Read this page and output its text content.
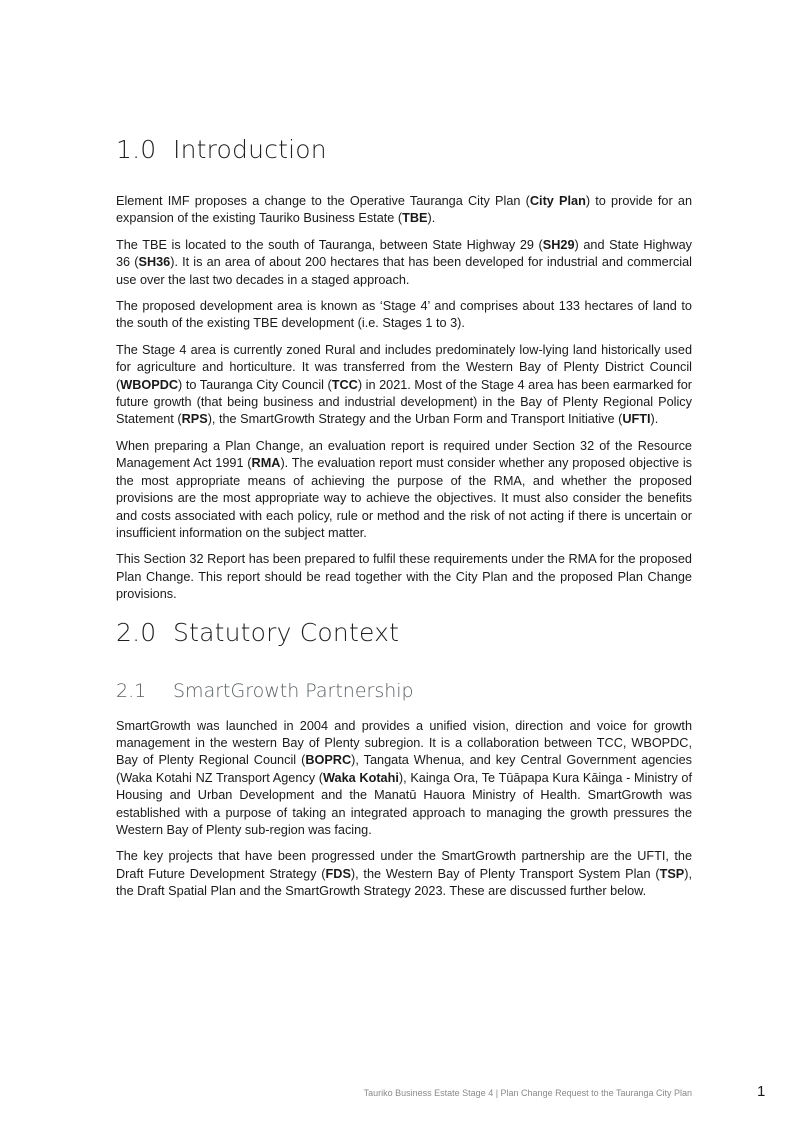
1.0 Introduction

Element IMF proposes a change to the Operative Tauranga City Plan (City Plan) to provide for an expansion of the existing Tauriko Business Estate (TBE).

The TBE is located to the south of Tauranga, between State Highway 29 (SH29) and State Highway 36 (SH36). It is an area of about 200 hectares that has been developed for industrial and commercial use over the last two decades in a staged approach.

The proposed development area is known as ‘Stage 4’ and comprises about 133 hectares of land to the south of the existing TBE development (i.e. Stages 1 to 3).

The Stage 4 area is currently zoned Rural and includes predominately low-lying land historically used for agriculture and horticulture. It was transferred from the Western Bay of Plenty District Council (WBOPDC) to Tauranga City Council (TCC) in 2021. Most of the Stage 4 area has been earmarked for future growth (that being business and industrial development) in the Bay of Plenty Regional Policy Statement (RPS), the SmartGrowth Strategy and the Urban Form and Transport Initiative (UFTI).

When preparing a Plan Change, an evaluation report is required under Section 32 of the Resource Management Act 1991 (RMA). The evaluation report must consider whether any proposed objective is the most appropriate means of achieving the purpose of the RMA, and whether the proposed provisions are the most appropriate way to achieve the objectives. It must also consider the benefits and costs associated with each policy, rule or method and the risk of not acting if there is uncertain or insufficient information on the subject matter.

This Section 32 Report has been prepared to fulfil these requirements under the RMA for the proposed Plan Change. This report should be read together with the City Plan and the proposed Plan Change provisions.

2.0 Statutory Context
2.1 SmartGrowth Partnership

SmartGrowth was launched in 2004 and provides a unified vision, direction and voice for growth management in the western Bay of Plenty subregion. It is a collaboration between TCC, WBOPDC, Bay of Plenty Regional Council (BOPRC), Tangata Whenua, and key Central Government agencies (Waka Kotahi NZ Transport Agency (Waka Kotahi), Kainga Ora, Te Tūāpapa Kura Kāinga - Ministry of Housing and Urban Development and the Manatū Hauora Ministry of Health. SmartGrowth was established with a purpose of taking an integrated approach to managing the growth pressures the Western Bay of Plenty sub-region was facing.

The key projects that have been progressed under the SmartGrowth partnership are the UFTI, the Draft Future Development Strategy (FDS), the Western Bay of Plenty Transport System Plan (TSP), the Draft Spatial Plan and the SmartGrowth Strategy 2023. These are discussed further below.

Tauriko Business Estate Stage 4 | Plan Change Request to the Tauranga City Plan	1
